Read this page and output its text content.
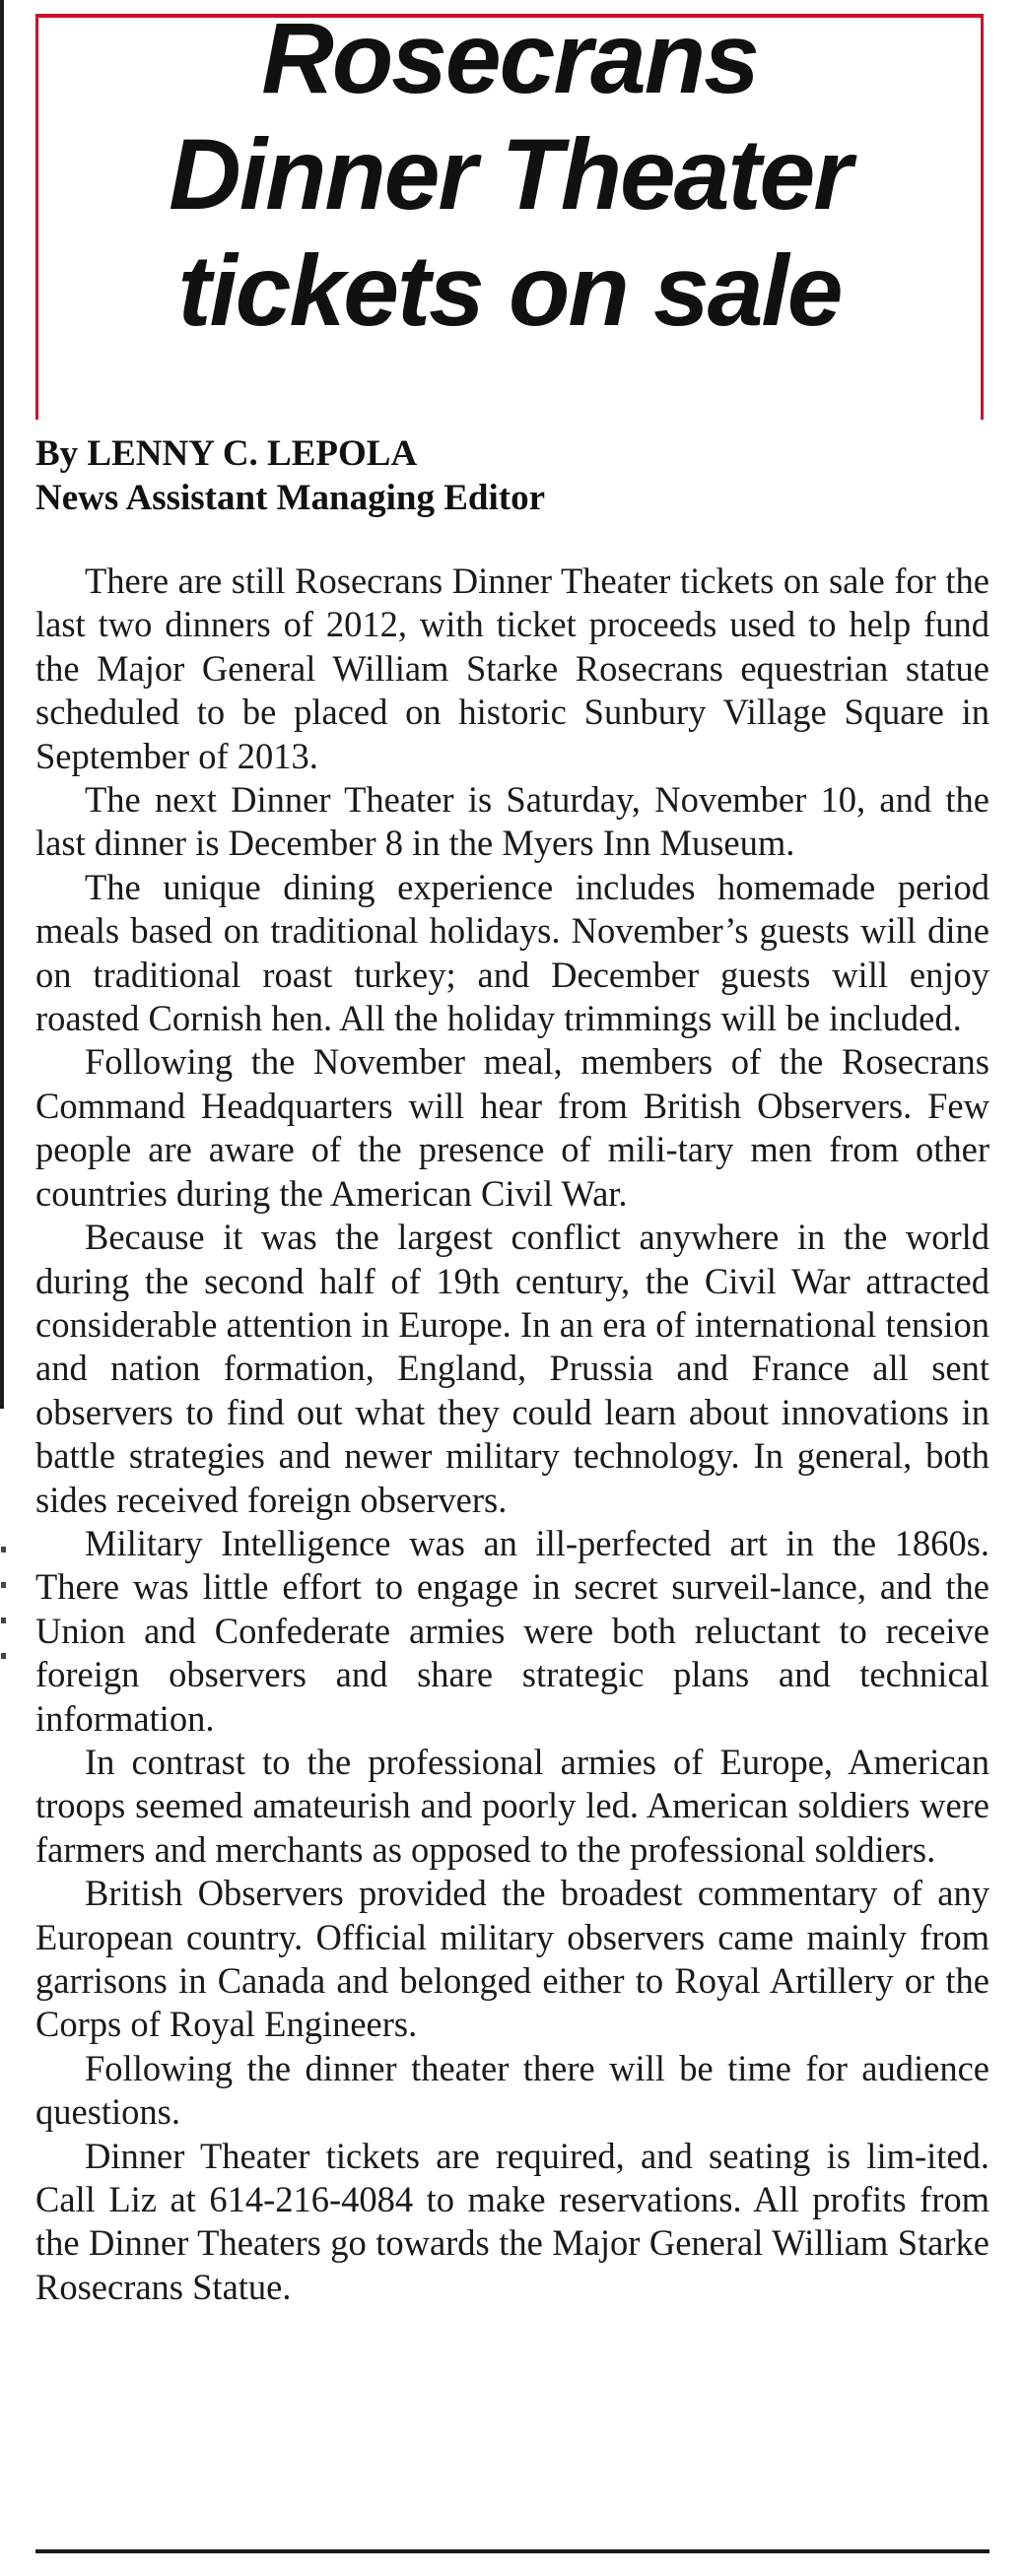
Rosecrans
Dinner Theater
tickets on sale
By LENNY C. LEPOLA
News Assistant Managing Editor

There are still Rosecrans Dinner Theater tickets on sale for the last two dinners of 2012, with ticket proceeds used to help fund the Major General William Starke Rosecrans equestrian statue scheduled to be placed on historic Sunbury Village Square in September of 2013.

The next Dinner Theater is Saturday, November 10, and the last dinner is December 8 in the Myers Inn Museum.

The unique dining experience includes homemade period meals based on traditional holidays. November’s guests will dine on traditional roast turkey; and December guests will enjoy roasted Cornish hen. All the holiday trimmings will be included.

Following the November meal, members of the Rosecrans Command Headquarters will hear from British Observers. Few people are aware of the presence of mili-tary men from other countries during the American Civil War.

Because it was the largest conflict anywhere in the world during the second half of 19th century, the Civil War attracted considerable attention in Europe. In an era of international tension and nation formation, England, Prussia and France all sent observers to find out what they could learn about innovations in battle strategies and newer military technology. In general, both sides received foreign observers.

Military Intelligence was an ill-perfected art in the 1860s. There was little effort to engage in secret surveil-lance, and the Union and Confederate armies were both reluctant to receive foreign observers and share strategic plans and technical information.

In contrast to the professional armies of Europe, American troops seemed amateurish and poorly led. American soldiers were farmers and merchants as opposed to the professional soldiers.

British Observers provided the broadest commentary of any European country. Official military observers came mainly from garrisons in Canada and belonged either to Royal Artillery or the Corps of Royal Engineers.

Following the dinner theater there will be time for audience questions.

Dinner Theater tickets are required, and seating is lim-ited. Call Liz at 614-216-4084 to make reservations. All profits from the Dinner Theaters go towards the Major General William Starke Rosecrans Statue.
